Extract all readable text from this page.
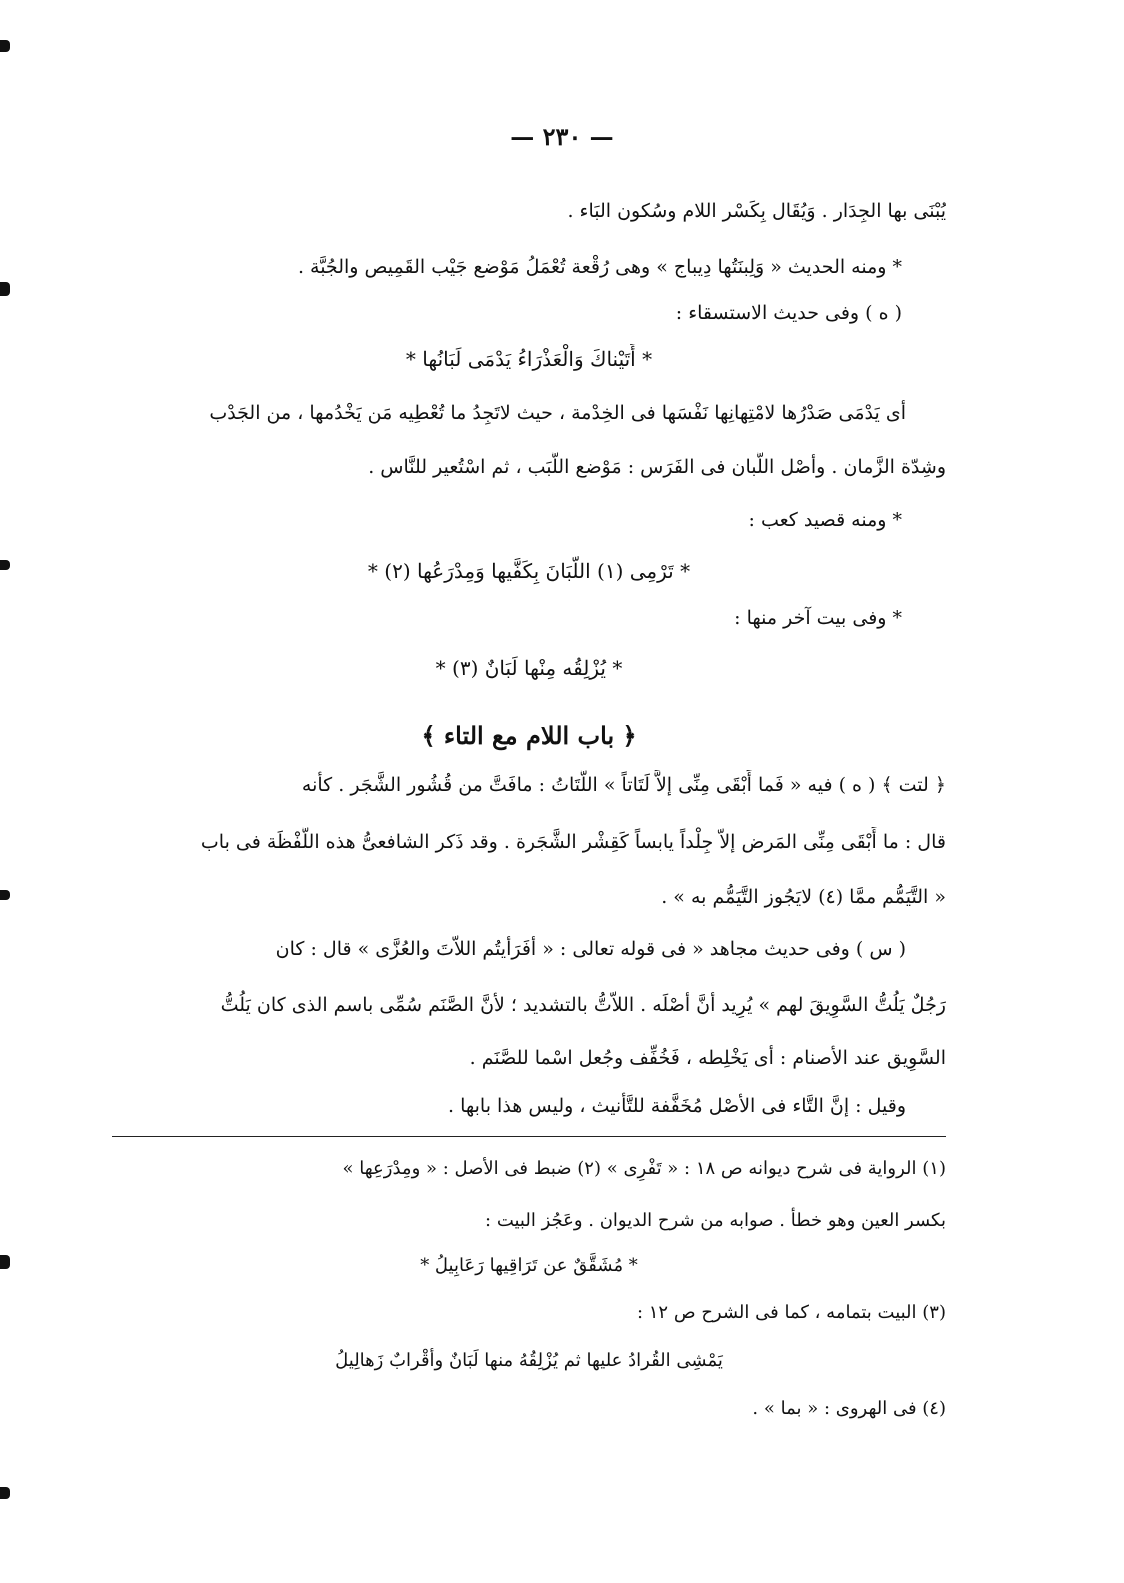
— ٢٣٠ —
يُبْنَى بها الجِدَار . وَيُقَال بِكَسْر اللام وسُكون البَاء .
* ومنه الحديث « وَلِبنَتُها دِيباج » وهى رُقْعة تُعْمَلُ مَوْضع جَيْب القَمِيص والجُبَّة .
( ه ) وفى حديث الاستسقاء :
* أَتَيْناكَ وَالْعَذْرَاءُ يَدْمَى لَبَانُها *
أى يَدْمَى صَدْرُها لامْتِهانِها نَفْسَها فى الخِدْمة ، حيث لاتَجِدُ ما تُعْطِيه مَن يَخْدُمها ، من الجَدْب
وشِدّة الزَّمان . وأصْل اللَّبان فى الفَرَس : مَوْضع اللَّبَب ، ثم اسْتُعير للنَّاس .
* ومنه قصيد كعب :
* تَرْمِى (١) اللَّبَانَ بِكَفَّيها وَمِدْرَعُها (٢) *
* وفى بيت آخر منها :
* يُزْلِقُه مِنْها لَبَانٌ (٣) *
﴿ باب اللام مع التاء ﴾
﴿ لتت ﴾ ( ه ) فيه « فَما أَبْقَى مِنِّى إلاَّ لَتَاتاً » اللَّتَاتُ : مافَتَّ من قُشُور الشَّجَر . كأنه
قال : ما أَبْقَى مِنِّى المَرض إلاّ جِلْداً يابساً كَقِشْر الشَّجَرة . وقد ذَكر الشافعىُّ هذه اللَّفْظَة فى باب
« التَّيَمُّم ممَّا (٤) لايَجُوز التَّيَمُّم به » .
( س ) وفى حديث مجاهد « فى قوله تعالى : « أفَرَأيتُم اللاّتَ والعُزَّى » قال : كان
رَجُلٌ يَلُتُّ السَّوِيقَ لهم » يُرِيد أنَّ أصْلَه . اللاّتُّ بالتشديد ؛ لأنَّ الصَّنَم سُمِّى باسم الذى كان يَلُتُّ
السَّوِيق عند الأصنام : أى يَخْلِطه ، فَخُفِّف وجُعل اسْما للصَّنَم .
وقيل : إنَّ التَّاء فى الأصْل مُخَفَّفة للتَّأنيث ، وليس هذا بابها .
(١) الرواية فى شرح ديوانه ص ١٨ : « تَفْرِى » (٢) ضبط فى الأصل : « ومِدْرَعِها »
بكسر العين وهو خطأ . صوابه من شرح الديوان . وعَجُز البيت :
* مُشَقَّقٌ عن تَرَاقِيها رَعَابِيلُ *
(٣) البيت بتمامه ، كما فى الشرح ص ١٢ :
يَمْشِى القُرادُ عليها ثم يُزْلِقُهُ منها لَبَانٌ وأقْرابٌ زَهالِيلُ
(٤) فى الهروى : « بما » .
